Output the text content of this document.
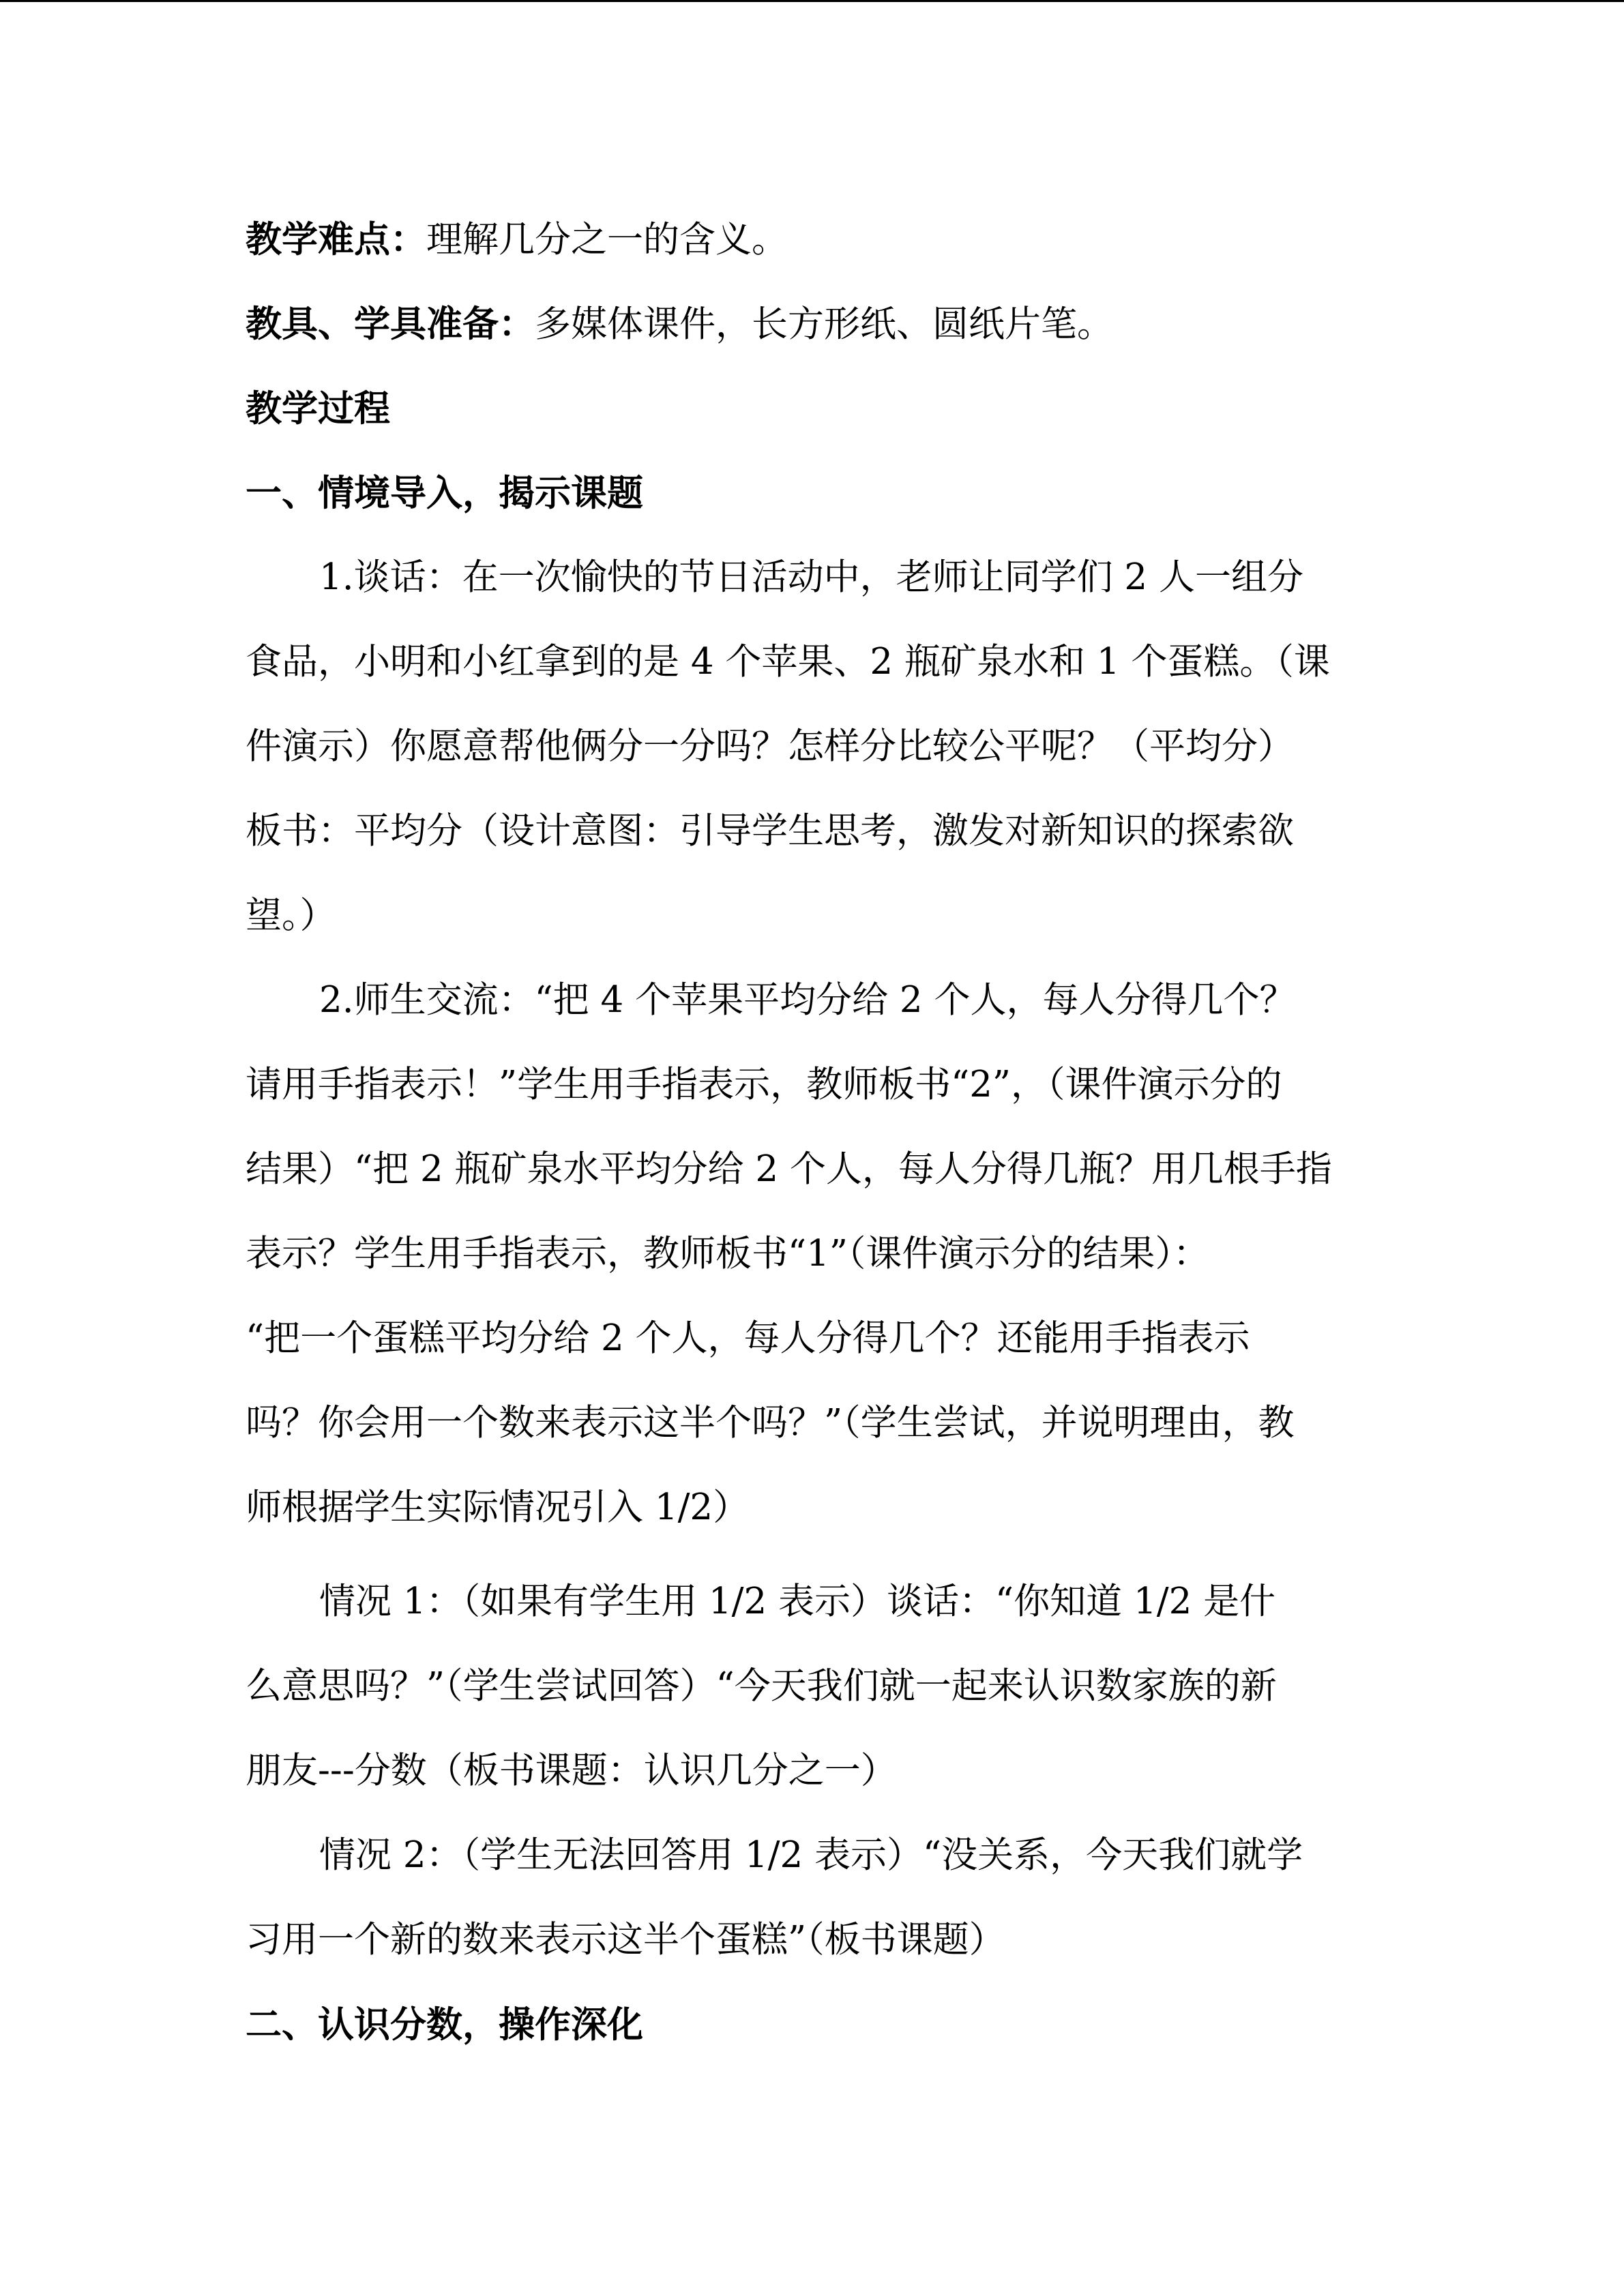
教学难点：理解几分之一的含义。
教具、学具准备：多媒体课件，长方形纸、圆纸片笔。
教学过程
一、情境导入，揭示课题
1.谈话：在一次愉快的节日活动中，老师让同学们 2 人一组分
食品，小明和小红拿到的是 4 个苹果、2 瓶矿泉水和 1 个蛋糕。（课
件演示）你愿意帮他俩分一分吗？怎样分比较公平呢？（平均分）
板书：平均分（设计意图：引导学生思考，激发对新知识的探索欲
望。）
2.师生交流：“把 4 个苹果平均分给 2 个人，每人分得几个？
请用手指表示！”学生用手指表示，教师板书“2”，（课件演示分的
结果）“把 2 瓶矿泉水平均分给 2 个人，每人分得几瓶？用几根手指
表示？学生用手指表示，教师板书“1”（课件演示分的结果）：
“把一个蛋糕平均分给 2 个人，每人分得几个？还能用手指表示
吗？你会用一个数来表示这半个吗？”（学生尝试，并说明理由，教
师根据学生实际情况引入 1/2）
情况 1：（如果有学生用 1/2 表示）谈话：“你知道 1/2 是什
么意思吗？”（学生尝试回答）“今天我们就一起来认识数家族的新
朋友---分数（板书课题：认识几分之一）
情况 2：（学生无法回答用 1/2 表示）“没关系，今天我们就学
习用一个新的数来表示这半个蛋糕”（板书课题）
二、认识分数，操作深化
